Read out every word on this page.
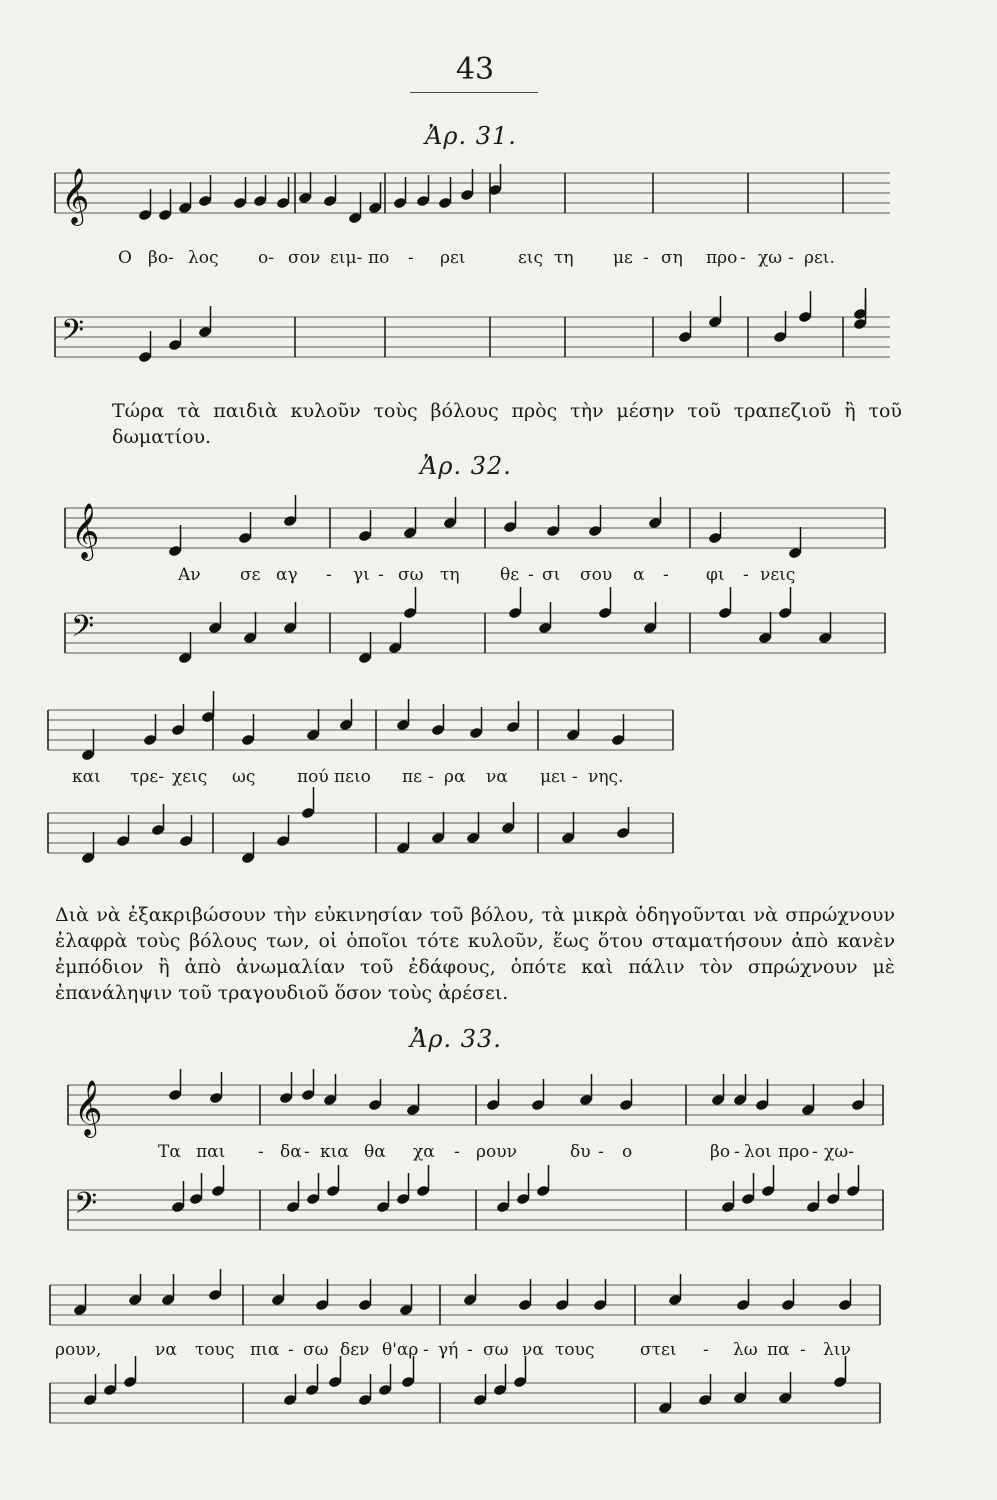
43
Ἀρ. 31.
𝄞
Ο βο- λος ο- σον ειμ- πο - ρει	εις τη με - ση προ - χω - ρει.
𝄢
Τώρα τὰ παιδιὰ κυλοῦν τοὺς βόλους πρὸς τὴν μέσην τοῦ τραπεζιοῦ ἢ τοῦ δωματίου.
Ἀρ. 32.
𝄞
Αν σε αγ - γι - σω τη θε - σι σου α - φι - νεις
𝄢
και τρε- χεις ως πού πειο πε - ρα να μει - νης.
Διὰ νὰ ἐξακριβώσουν τὴν εὐκινησίαν τοῦ βόλου, τὰ μικρὰ ὁδηγοῦνται νὰ σπρώχνουν ἐλαφρὰ τοὺς βόλους των, οἱ ὁποῖοι τότε κυλοῦν, ἕως ὅτου σταματήσουν ἀπὸ κανὲν ἐμπόδιον ἢ ἀπὸ ἀνωμαλίαν τοῦ ἐδάφους, ὁπότε καὶ πάλιν τὸν σπρώχνουν μὲ ἐπανάληψιν τοῦ τραγουδιοῦ ὅσον τοὺς ἀρέσει.
Ἀρ. 33.
𝄞
Τα παι - δα - κια θα χα - ρουν	δυ - ο	βο - λοι προ - χω-
𝄢
ρουν,	να τους πια - σω δεν θ'αρ - γή - σω να τους	στει - λω πα - λιν
